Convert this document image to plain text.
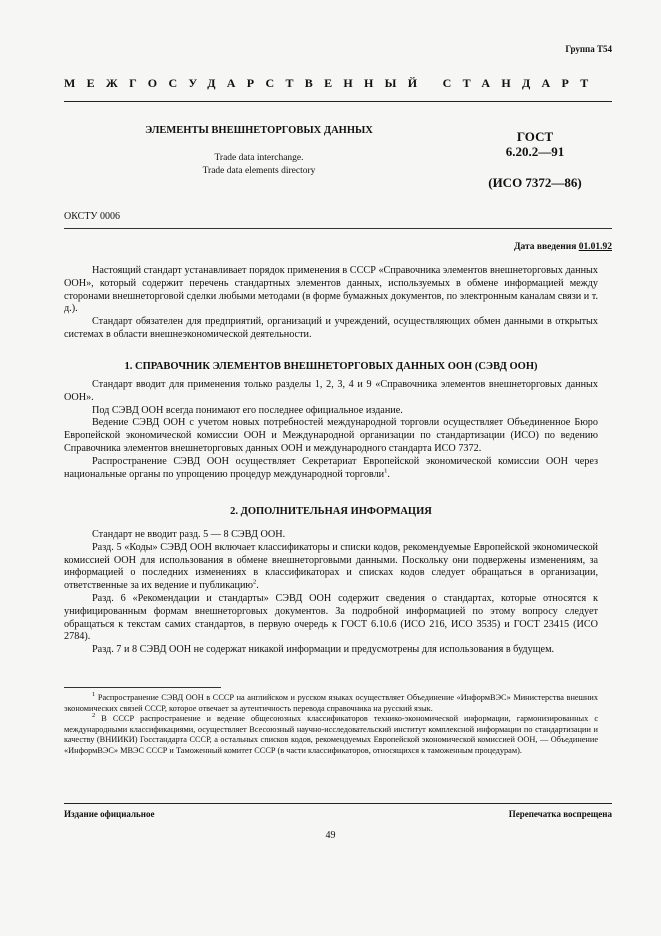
Группа Т54
МЕЖГОСУДАРСТВЕННЫЙ СТАНДАРТ
ЭЛЕМЕНТЫ ВНЕШНЕТОРГОВЫХ ДАННЫХ
Trade data interchange.
Trade data elements directory
ГОСТ
6.20.2—91
(ИСО 7372—86)
ОКСТУ 0006
Дата введения 01.01.92

Настоящий стандарт устанавливает порядок применения в СССР «Справочника элементов внешнеторговых данных ООН», который содержит перечень стандартных элементов данных, используемых в обмене информацией между сторонами внешнеторговой сделки любыми методами (в форме бумажных документов, по электронным каналам связи и т. д.).

Стандарт обязателен для предприятий, организаций и учреждений, осуществляющих обмен данными в открытых системах в области внешнеэкономической деятельности.

1. СПРАВОЧНИК ЭЛЕМЕНТОВ ВНЕШНЕТОРГОВЫХ ДАННЫХ ООН (СЭВД ООН)

Стандарт вводит для применения только разделы 1, 2, 3, 4 и 9 «Справочника элементов внешнеторговых данных ООН».

Под СЭВД ООН всегда понимают его последнее официальное издание.

Ведение СЭВД ООН с учетом новых потребностей международной торговли осуществляет Объединенное Бюро Европейской экономической комиссии ООН и Международной организации по стандартизации (ИСО) по ведению Справочника элементов внешнеторговых данных ООН и международного стандарта ИСО 7372.

Распространение СЭВД ООН осуществляет Секретариат Европейской экономической комиссии ООН через национальные органы по упрощению процедур международной торговли$^1$.

2. ДОПОЛНИТЕЛЬНАЯ ИНФОРМАЦИЯ

Стандарт не вводит разд. 5 — 8 СЭВД ООН.

Разд. 5 «Коды» СЭВД ООН включает классификаторы и списки кодов, рекомендуемые Европейской экономической комиссией ООН для использования в обмене внешнеторговыми данными. Поскольку они подвержены изменениям, за информацией о последних изменениях в классификаторах и списках кодов следует обращаться в организации, ответственные за их ведение и публикацию$^2$.

Разд. 6 «Рекомендации и стандарты» СЭВД ООН содержит сведения о стандартах, которые относятся к унифицированным формам внешнеторговых документов. За подробной информацией по этому вопросу следует обращаться к текстам самих стандартов, в первую очередь к ГОСТ 6.10.6 (ИСО 216, ИСО 3535) и ГОСТ 23415 (ИСО 2784).

Разд. 7 и 8 СЭВД ООН не содержат никакой информации и предусмотрены для использования в будущем.

$^1$ Распространение СЭВД ООН в СССР на английском и русском языках осуществляет Объединение «ИнформВЭС» Министерства внешних экономических связей СССР, которое отвечает за аутентичность перевода справочника на русский язык.

$^2$ В СССР распространение и ведение общесоюзных классификаторов технико-экономической информации, гармонизированных с международными классификациями, осуществляет Всесоюзный научно-исследовательский институт комплексной информации по стандартизации и качеству (ВНИИКИ) Госстандарта СССР, а остальных списков кодов, рекомендуемых Европейской экономической комиссией ООН, — Объединение «ИнформВЭС» МВЭС СССР и Таможенный комитет СССР (в части классификаторов, относящихся к таможенным процедурам).

Издание официальное	Перепечатка воспрещена
49
